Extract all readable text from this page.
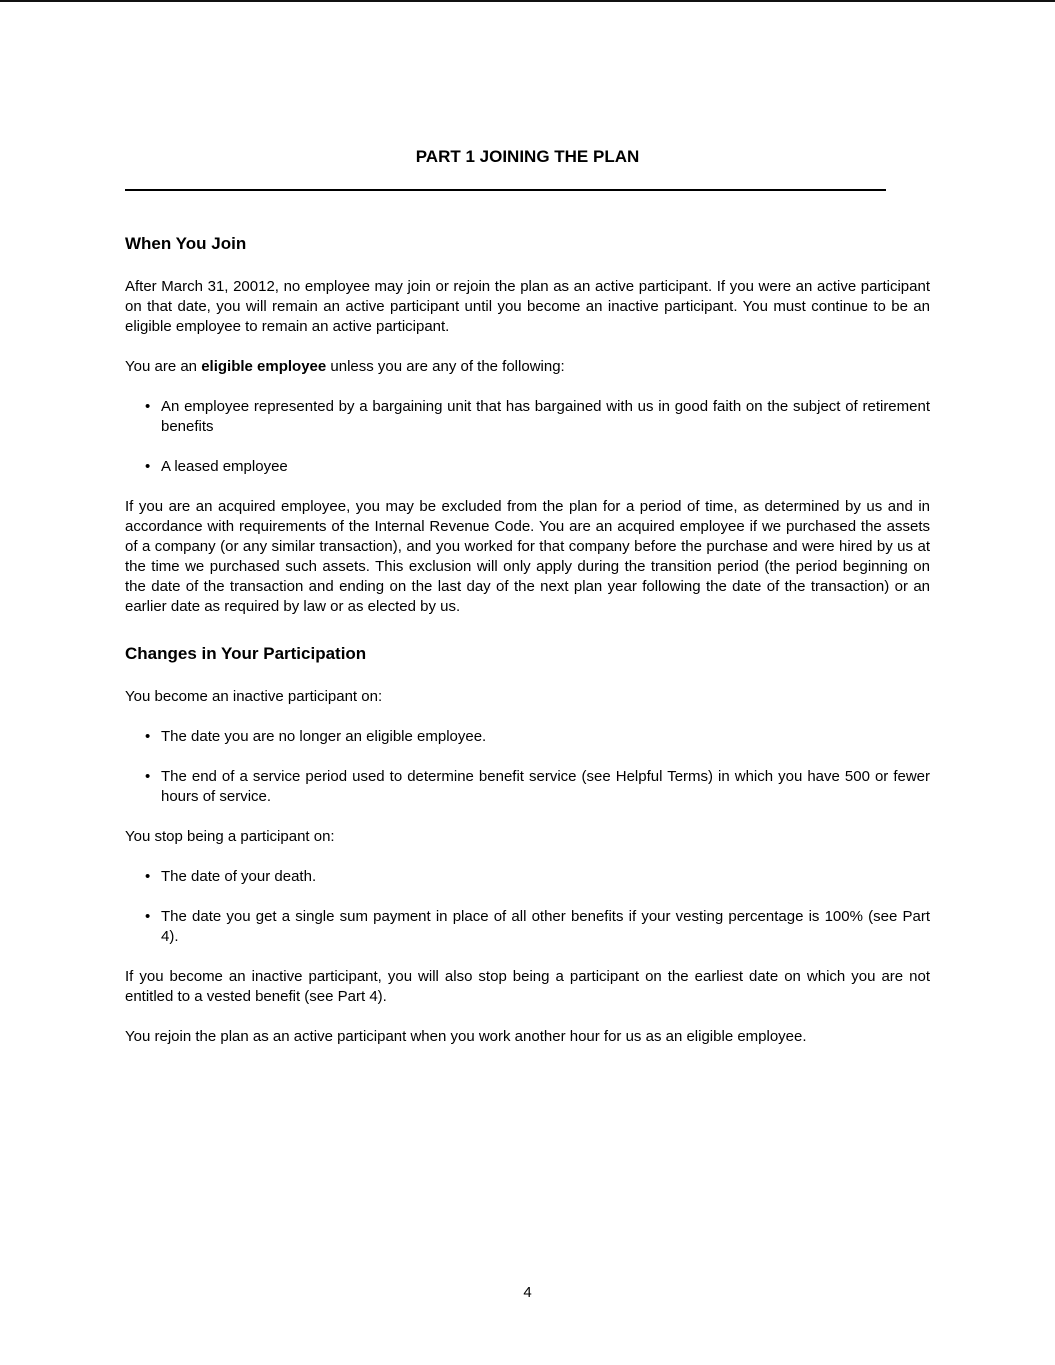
PART 1 JOINING THE PLAN
When You Join

After March 31, 20012, no employee may join or rejoin the plan as an active participant. If you were an active participant on that date, you will remain an active participant until you become an inactive participant. You must continue to be an eligible employee to remain an active participant.

You are an eligible employee unless you are any of the following:

• An employee represented by a bargaining unit that has bargained with us in good faith on the subject of retirement benefits
• A leased employee

If you are an acquired employee, you may be excluded from the plan for a period of time, as determined by us and in accordance with requirements of the Internal Revenue Code. You are an acquired employee if we purchased the assets of a company (or any similar transaction), and you worked for that company before the purchase and were hired by us at the time we purchased such assets. This exclusion will only apply during the transition period (the period beginning on the date of the transaction and ending on the last day of the next plan year following the date of the transaction) or an earlier date as required by law or as elected by us.

Changes in Your Participation

You become an inactive participant on:

• The date you are no longer an eligible employee.
• The end of a service period used to determine benefit service (see Helpful Terms) in which you have 500 or fewer hours of service.

You stop being a participant on:

• The date of your death.
• The date you get a single sum payment in place of all other benefits if your vesting percentage is 100% (see Part 4).

If you become an inactive participant, you will also stop being a participant on the earliest date on which you are not entitled to a vested benefit (see Part 4).

You rejoin the plan as an active participant when you work another hour for us as an eligible employee.

4
